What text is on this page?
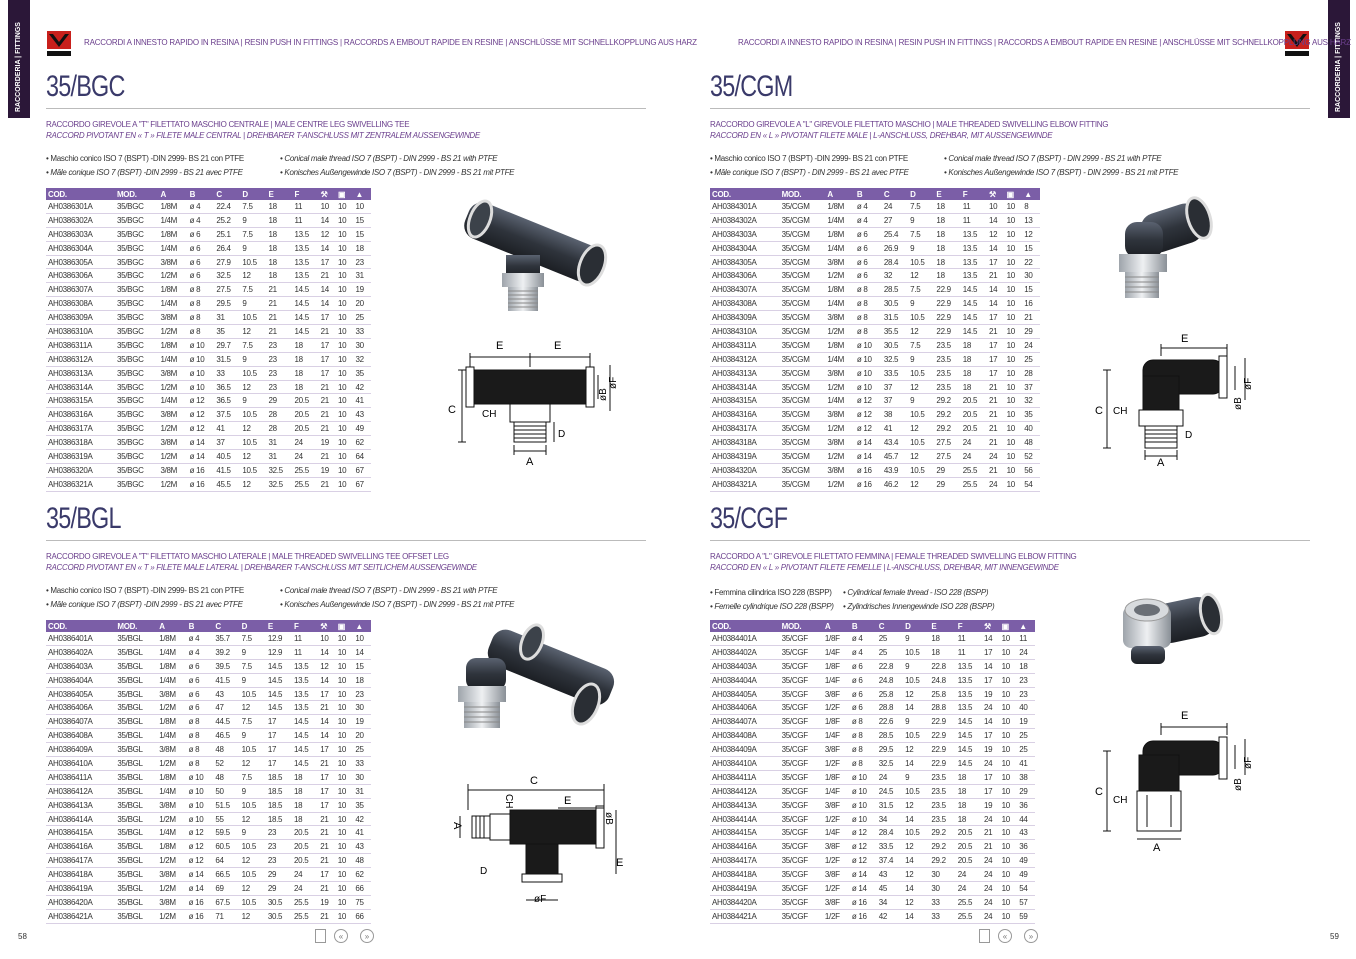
RACCORDERIA | FITTINGS	RACCORDERIA | FITTINGS
RACCORDI A INNESTO RAPIDO IN RESINA | RESIN PUSH IN FITTINGS | RACCORDS A EMBOUT RAPIDE EN RESINE | ANSCHLÜSSE MIT SCHNELLKOPPLUNG AUS HARZ	RACCORDI A INNESTO RAPIDO IN RESINA | RESIN PUSH IN FITTINGS | RACCORDS A EMBOUT RAPIDE EN RESINE | ANSCHLÜSSE MIT SCHNELLKOPPLUNG AUS HARZ
35/BGC
RACCORDO GIREVOLE A "T" FILETTATO MASCHIO CENTRALE | MALE CENTRE LEG SWIVELLING TEE
RACCORD PIVOTANT EN « T » FILETE MALE CENTRAL | DREHBARER T-ANSCHLUSS MIT ZENTRALEM AUSSENGEWINDE
• Maschio conico ISO 7 (BSPT) -DIN 2999- BS 21 con PTFE
• Mâle conique ISO 7 (BSPT) -DIN 2999 - BS 21 avec PTFE
• Conical male thread ISO 7 (BSPT) - DIN 2999 - BS 21 with PTFE
• Konisches Außengewinde ISO 7 (BSPT) - DIN 2999 - BS 21 mit PTFE
COD.	MOD.	A	B	C	D	E	F	⚒	▣	▲
AH0386301A	35/BGC	1/8M	ø 4	22.4	7.5	18	11	10	10	10
AH0386302A	35/BGC	1/4M	ø 4	25.2	9	18	11	14	10	15
AH0386303A	35/BGC	1/8M	ø 6	25.1	7.5	18	13.5	12	10	15
AH0386304A	35/BGC	1/4M	ø 6	26.4	9	18	13.5	14	10	18
AH0386305A	35/BGC	3/8M	ø 6	27.9	10.5	18	13.5	17	10	23
AH0386306A	35/BGC	1/2M	ø 6	32.5	12	18	13.5	21	10	31
AH0386307A	35/BGC	1/8M	ø 8	27.5	7.5	21	14.5	14	10	19
AH0386308A	35/BGC	1/4M	ø 8	29.5	9	21	14.5	14	10	20
AH0386309A	35/BGC	3/8M	ø 8	31	10.5	21	14.5	17	10	25
AH0386310A	35/BGC	1/2M	ø 8	35	12	21	14.5	21	10	33
AH0386311A	35/BGC	1/8M	ø 10	29.7	7.5	23	18	17	10	30
AH0386312A	35/BGC	1/4M	ø 10	31.5	9	23	18	17	10	32
AH0386313A	35/BGC	3/8M	ø 10	33	10.5	23	18	17	10	35
AH0386314A	35/BGC	1/2M	ø 10	36.5	12	23	18	21	10	42
AH0386315A	35/BGC	1/4M	ø 12	36.5	9	29	20.5	21	10	41
AH0386316A	35/BGC	3/8M	ø 12	37.5	10.5	28	20.5	21	10	43
AH0386317A	35/BGC	1/2M	ø 12	41	12	28	20.5	21	10	49
AH0386318A	35/BGC	3/8M	ø 14	37	10.5	31	24	19	10	62
AH0386319A	35/BGC	1/2M	ø 14	40.5	12	31	24	21	10	64
AH0386320A	35/BGC	3/8M	ø 16	41.5	10.5	32.5	25.5	19	10	67
AH0386321A	35/BGC	1/2M	ø 16	45.5	12	32.5	25.5	21	10	67
35/CGM
RACCORDO GIREVOLE A "L" GIREVOLE FILETTATO MASCHIO | MALE THREADED SWIVELLING ELBOW FITTING
RACCORD EN « L » PIVOTANT FILETE MALE | L-ANSCHLUSS, DREHBAR, MIT AUSSENGEWINDE
• Maschio conico ISO 7 (BSPT) -DIN 2999- BS 21 con PTFE
• Mâle conique ISO 7 (BSPT) - DIN 2999 - BS 21 avec PTFE
• Conical male thread ISO 7 (BSPT) - DIN 2999 - BS 21 with PTFE
• Konisches Außengewinde ISO 7 (BSPT) - DIN 2999 - BS 21 mit PTFE
COD.	MOD.	A	B	C	D	E	F	⚒	▣	▲
AH0384301A	35/CGM	1/8M	ø 4	24	7.5	18	11	10	10	8
AH0384302A	35/CGM	1/4M	ø 4	27	9	18	11	14	10	13
AH0384303A	35/CGM	1/8M	ø 6	25.4	7.5	18	13.5	12	10	12
AH0384304A	35/CGM	1/4M	ø 6	26.9	9	18	13.5	14	10	15
AH0384305A	35/CGM	3/8M	ø 6	28.4	10.5	18	13.5	17	10	22
AH0384306A	35/CGM	1/2M	ø 6	32	12	18	13.5	21	10	30
AH0384307A	35/CGM	1/8M	ø 8	28.5	7.5	22.9	14.5	14	10	15
AH0384308A	35/CGM	1/4M	ø 8	30.5	9	22.9	14.5	14	10	16
AH0384309A	35/CGM	3/8M	ø 8	31.5	10.5	22.9	14.5	17	10	21
AH0384310A	35/CGM	1/2M	ø 8	35.5	12	22.9	14.5	21	10	29
AH0384311A	35/CGM	1/8M	ø 10	30.5	7.5	23.5	18	17	10	24
AH0384312A	35/CGM	1/4M	ø 10	32.5	9	23.5	18	17	10	25
AH0384313A	35/CGM	3/8M	ø 10	33.5	10.5	23.5	18	17	10	28
AH0384314A	35/CGM	1/2M	ø 10	37	12	23.5	18	21	10	37
AH0384315A	35/CGM	1/4M	ø 12	37	9	29.2	20.5	21	10	32
AH0384316A	35/CGM	3/8M	ø 12	38	10.5	29.2	20.5	21	10	35
AH0384317A	35/CGM	1/2M	ø 12	41	12	29.2	20.5	21	10	40
AH0384318A	35/CGM	3/8M	ø 14	43.4	10.5	27.5	24	21	10	48
AH0384319A	35/CGM	1/2M	ø 14	45.7	12	27.5	24	24	10	52
AH0384320A	35/CGM	3/8M	ø 16	43.9	10.5	29	25.5	21	10	56
AH0384321A	35/CGM	1/2M	ø 16	46.2	12	29	25.5	24	10	54
35/BGL
RACCORDO GIREVOLE A "T" FILETTATO MASCHIO LATERALE | MALE THREADED SWIVELLING TEE OFFSET LEG
RACCORD PIVOTANT EN « T » FILETE MALE LATERAL | DREHBARER T-ANSCHLUSS MIT SEITLICHEM AUSSENGEWINDE
• Maschio conico ISO 7 (BSPT) -DIN 2999- BS 21 con PTFE
• Mâle conique ISO 7 (BSPT) -DIN 2999 - BS 21 avec PTFE
• Conical male thread ISO 7 (BSPT) - DIN 2999 - BS 21 with PTFE
• Konisches Außengewinde ISO 7 (BSPT) - DIN 2999 - BS 21 mit PTFE
COD.	MOD.	A	B	C	D	E	F	⚒	▣	▲
AH0386401A	35/BGL	1/8M	ø 4	35.7	7.5	12.9	11	10	10	10
AH0386402A	35/BGL	1/4M	ø 4	39.2	9	12.9	11	14	10	14
AH0386403A	35/BGL	1/8M	ø 6	39.5	7.5	14.5	13.5	12	10	15
AH0386404A	35/BGL	1/4M	ø 6	41.5	9	14.5	13.5	14	10	18
AH0386405A	35/BGL	3/8M	ø 6	43	10.5	14.5	13.5	17	10	23
AH0386406A	35/BGL	1/2M	ø 6	47	12	14.5	13.5	21	10	30
AH0386407A	35/BGL	1/8M	ø 8	44.5	7.5	17	14.5	14	10	19
AH0386408A	35/BGL	1/4M	ø 8	46.5	9	17	14.5	14	10	20
AH0386409A	35/BGL	3/8M	ø 8	48	10.5	17	14.5	17	10	25
AH0386410A	35/BGL	1/2M	ø 8	52	12	17	14.5	21	10	33
AH0386411A	35/BGL	1/8M	ø 10	48	7.5	18.5	18	17	10	30
AH0386412A	35/BGL	1/4M	ø 10	50	9	18.5	18	17	10	31
AH0386413A	35/BGL	3/8M	ø 10	51.5	10.5	18.5	18	17	10	35
AH0386414A	35/BGL	1/2M	ø 10	55	12	18.5	18	21	10	42
AH0386415A	35/BGL	1/4M	ø 12	59.5	9	23	20.5	21	10	41
AH0386416A	35/BGL	1/8M	ø 12	60.5	10.5	23	20.5	21	10	43
AH0386417A	35/BGL	1/2M	ø 12	64	12	23	20.5	21	10	48
AH0386418A	35/BGL	3/8M	ø 14	66.5	10.5	29	24	17	10	62
AH0386419A	35/BGL	1/2M	ø 14	69	12	29	24	21	10	66
AH0386420A	35/BGL	3/8M	ø 16	67.5	10.5	30.5	25.5	19	10	75
AH0386421A	35/BGL	1/2M	ø 16	71	12	30.5	25.5	21	10	66
35/CGF
RACCORDO A "L" GIREVOLE FILETTATO FEMMINA | FEMALE THREADED SWIVELLING ELBOW FITTING
RACCORD EN « L » PIVOTANT FILETE FEMELLE | L-ANSCHLUSS, DREHBAR, MIT INNENGEWINDE
• Femmina cilindrica ISO 228 (BSPP)
• Femelle cylindrique ISO 228 (BSPP)
• Cylindrical female thread - ISO 228 (BSPP)
• Zylindrisches Innengewinde ISO 228 (BSPP)
COD.	MOD.	A	B	C	D	E	F	⚒	▣	▲
AH0384401A	35/CGF	1/8F	ø 4	25	9	18	11	14	10	11
AH0384402A	35/CGF	1/4F	ø 4	25	10.5	18	11	17	10	24
AH0384403A	35/CGF	1/8F	ø 6	22.8	9	22.8	13.5	14	10	18
AH0384404A	35/CGF	1/4F	ø 6	24.8	10.5	24.8	13.5	17	10	23
AH0384405A	35/CGF	3/8F	ø 6	25.8	12	25.8	13.5	19	10	23
AH0384406A	35/CGF	1/2F	ø 6	28.8	14	28.8	13.5	24	10	40
AH0384407A	35/CGF	1/8F	ø 8	22.6	9	22.9	14.5	14	10	19
AH0384408A	35/CGF	1/4F	ø 8	28.5	10.5	22.9	14.5	17	10	25
AH0384409A	35/CGF	3/8F	ø 8	29.5	12	22.9	14.5	19	10	25
AH0384410A	35/CGF	1/2F	ø 8	32.5	14	22.9	14.5	24	10	41
AH0384411A	35/CGF	1/8F	ø 10	24	9	23.5	18	17	10	38
AH0384412A	35/CGF	1/4F	ø 10	24.5	10.5	23.5	18	17	10	29
AH0384413A	35/CGF	3/8F	ø 10	31.5	12	23.5	18	19	10	36
AH0384414A	35/CGF	1/2F	ø 10	34	14	23.5	18	24	10	44
AH0384415A	35/CGF	1/4F	ø 12	28.4	10.5	29.2	20.5	21	10	43
AH0384416A	35/CGF	3/8F	ø 12	33.5	12	29.2	20.5	21	10	36
AH0384417A	35/CGF	1/2F	ø 12	37.4	14	29.2	20.5	24	10	49
AH0384418A	35/CGF	3/8F	ø 14	43	12	30	24	24	10	49
AH0384419A	35/CGF	1/2F	ø 14	45	14	30	24	24	10	54
AH0384420A	35/CGF	3/8F	ø 16	34	12	33	25.5	24	10	57
AH0384421A	35/CGF	1/2F	ø 16	42	14	33	25.5	24	10	59
E	E
C	CH
D
A
øB
øF
E
C CH
D
A
øB
øF
C
E
CH
A
D
E
øB
øF
E
C
CH
A
øB
øF
58	59
«	»	«	»
